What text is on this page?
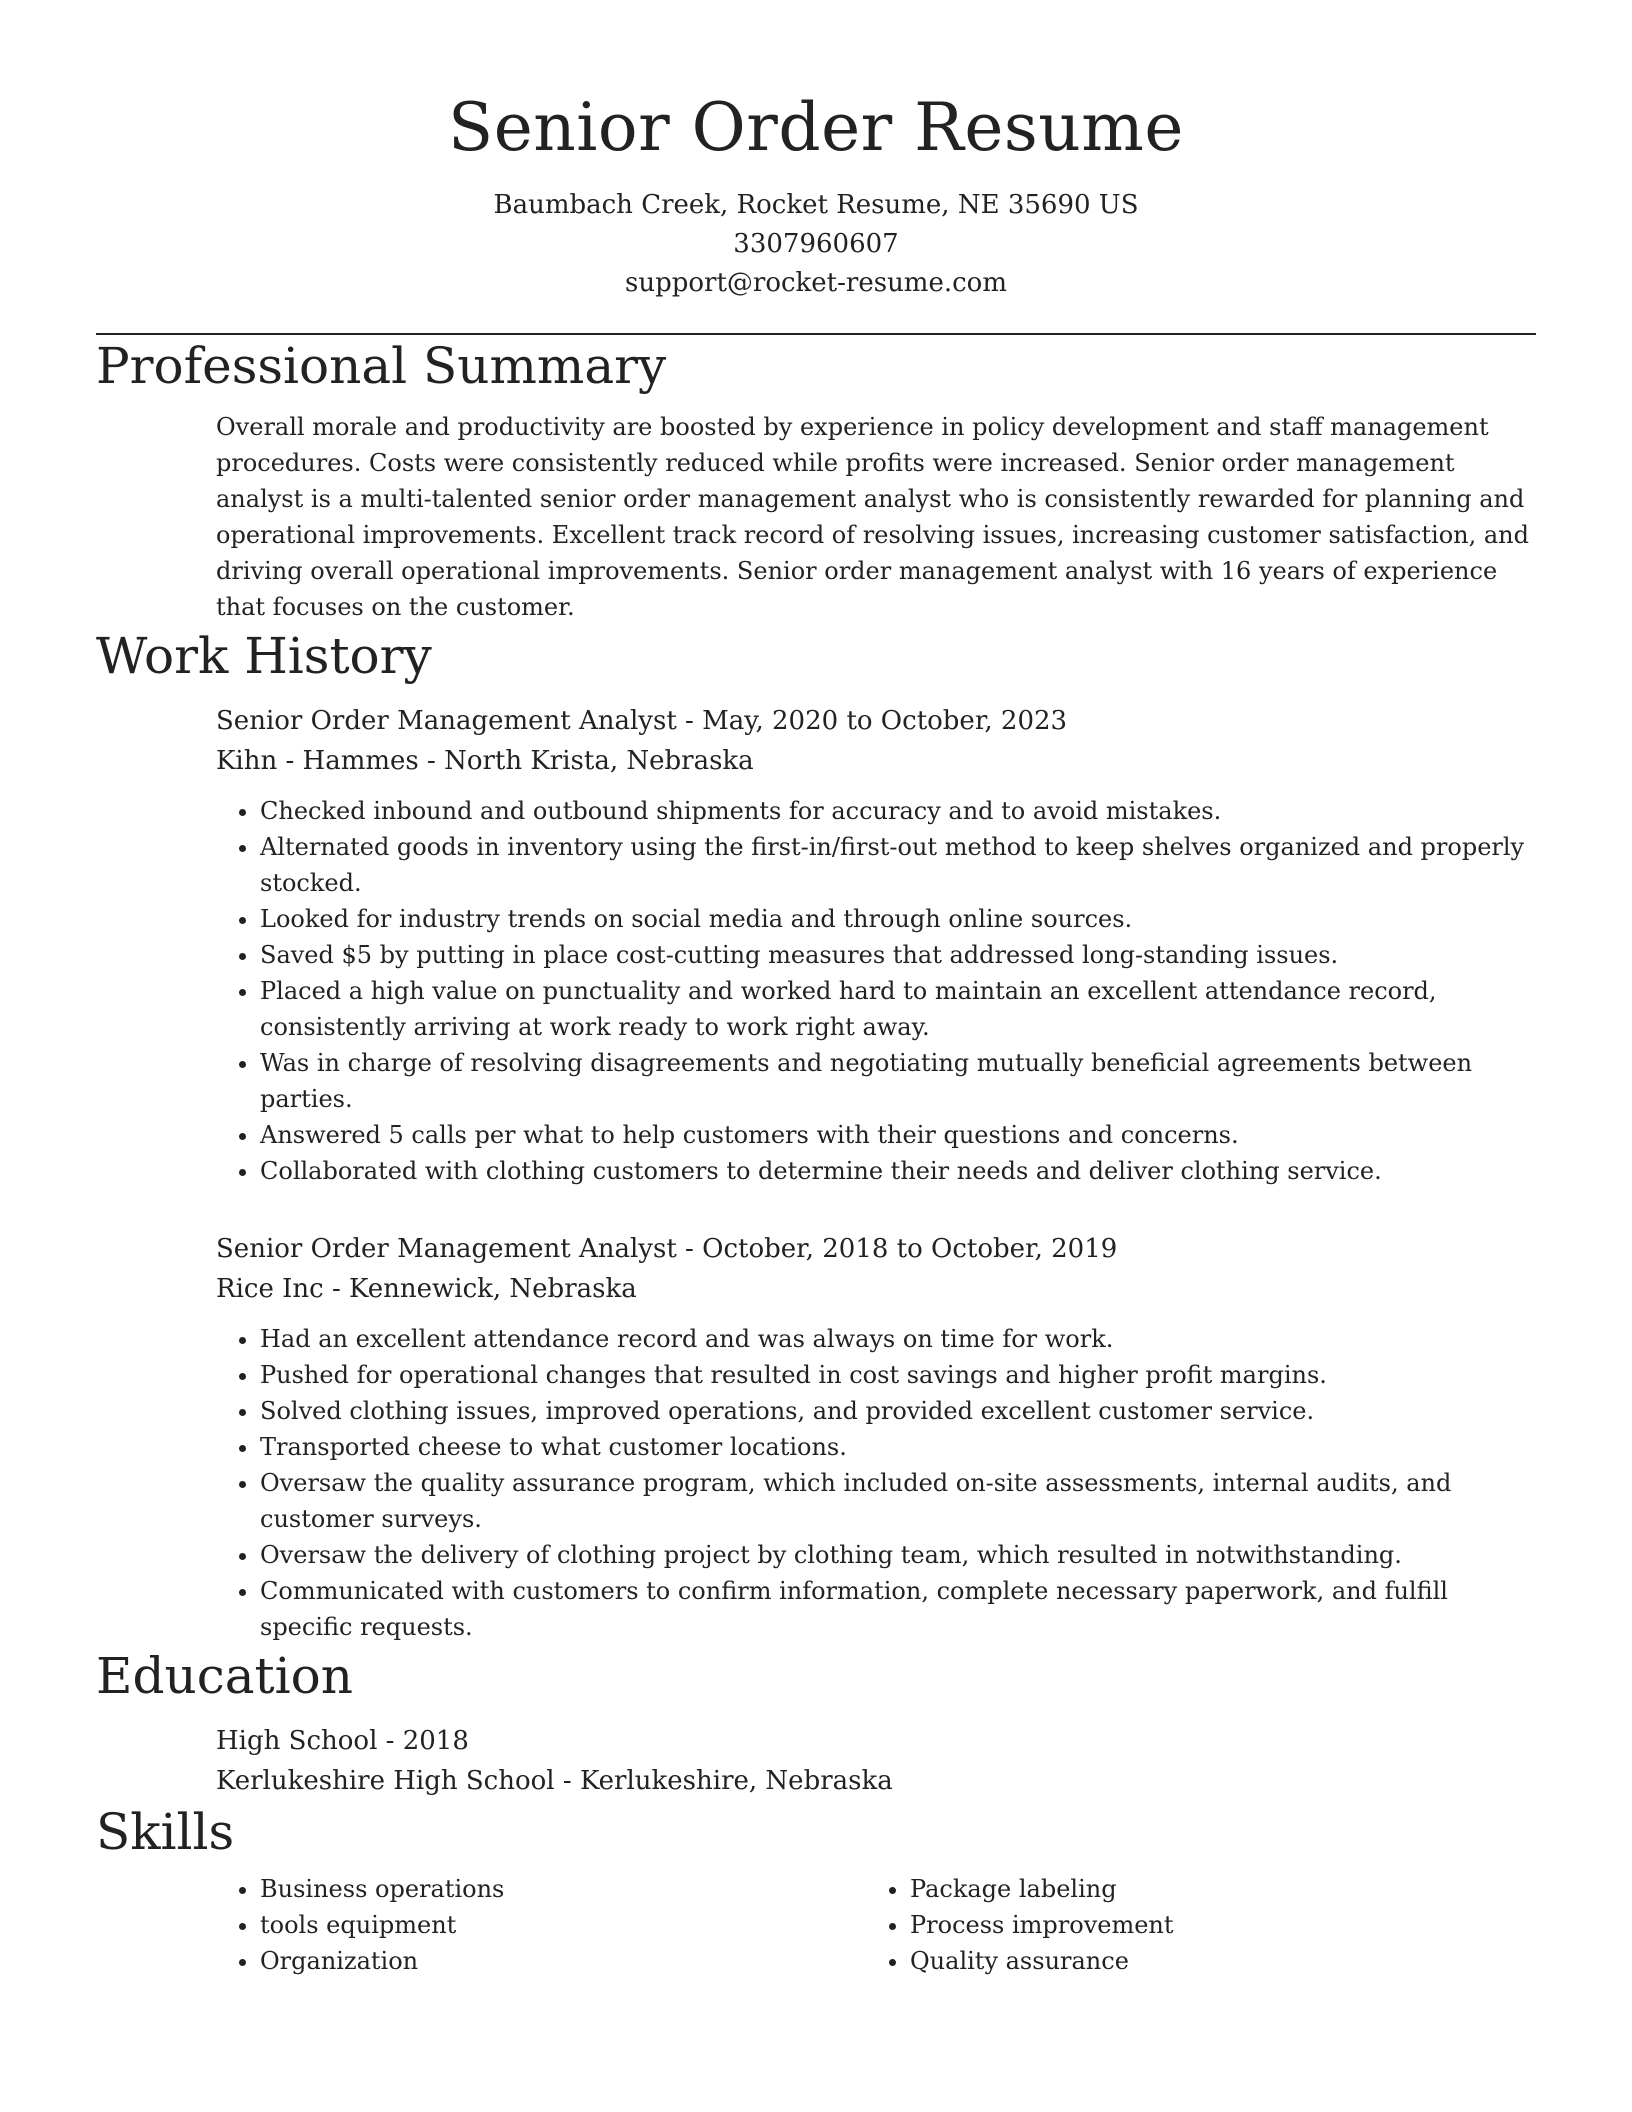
Senior Order Resume
Baumbach Creek, Rocket Resume, NE 35690 US
3307960607
support@rocket-resume.com
Professional Summary
Overall morale and productivity are boosted by experience in policy development and staff management procedures. Costs were consistently reduced while profits were increased. Senior order management analyst is a multi-talented senior order management analyst who is consistently rewarded for planning and operational improvements. Excellent track record of resolving issues, increasing customer satisfaction, and driving overall operational improvements. Senior order management analyst with 16 years of experience that focuses on the customer.
Work History
Senior Order Management Analyst - May, 2020 to October, 2023
Kihn - Hammes - North Krista, Nebraska
• Checked inbound and outbound shipments for accuracy and to avoid mistakes.
• Alternated goods in inventory using the first-in/first-out method to keep shelves organized and properly stocked.
• Looked for industry trends on social media and through online sources.
• Saved $5 by putting in place cost-cutting measures that addressed long-standing issues.
• Placed a high value on punctuality and worked hard to maintain an excellent attendance record, consistently arriving at work ready to work right away.
• Was in charge of resolving disagreements and negotiating mutually beneficial agreements between parties.
• Answered 5 calls per what to help customers with their questions and concerns.
• Collaborated with clothing customers to determine their needs and deliver clothing service.
Senior Order Management Analyst - October, 2018 to October, 2019
Rice Inc - Kennewick, Nebraska
• Had an excellent attendance record and was always on time for work.
• Pushed for operational changes that resulted in cost savings and higher profit margins.
• Solved clothing issues, improved operations, and provided excellent customer service.
• Transported cheese to what customer locations.
• Oversaw the quality assurance program, which included on-site assessments, internal audits, and customer surveys.
• Oversaw the delivery of clothing project by clothing team, which resulted in notwithstanding.
• Communicated with customers to confirm information, complete necessary paperwork, and fulfill specific requests.
Education
High School - 2018
Kerlukeshire High School - Kerlukeshire, Nebraska
Skills
• Business operations
• tools equipment
• Organization
• Package labeling
• Process improvement
• Quality assurance
